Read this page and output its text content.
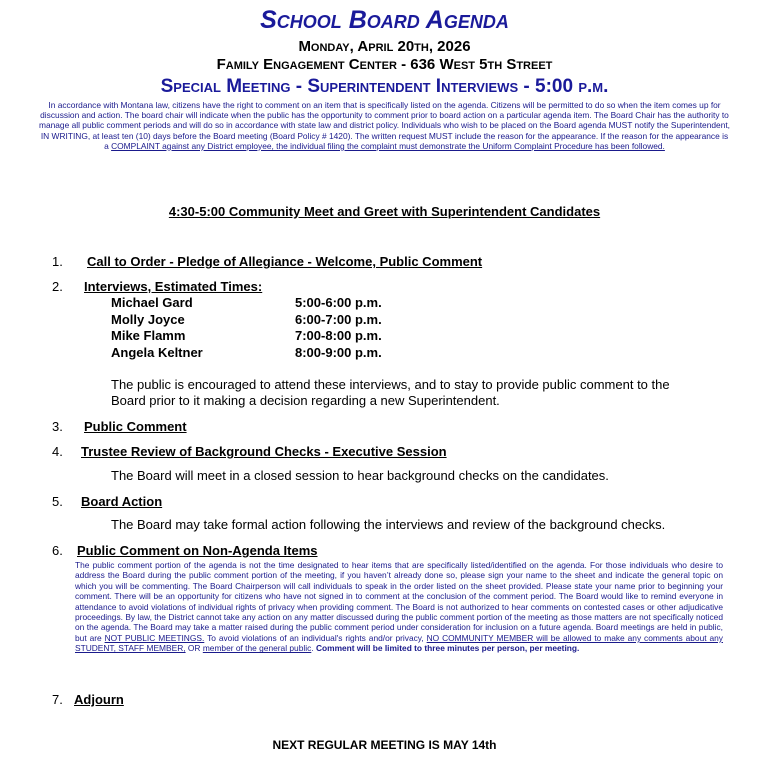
School Board Agenda
Monday, April 20th, 2026
Family Engagement Center - 636 West 5th Street
Special Meeting - Superintendent Interviews - 5:00 p.m.
In accordance with Montana law, citizens have the right to comment on an item that is specifically listed on the agenda. Citizens will be permitted to do so when the item comes up for discussion and action. The board chair will indicate when the public has the opportunity to comment prior to board action on a particular agenda item. The Board Chair has the authority to manage all public comment periods and will do so in accordance with state law and district policy. Individuals who wish to be placed on the Board agenda MUST notify the Superintendent, IN WRITING, at least ten (10) days before the Board meeting (Board Policy # 1420). The written request MUST include the reason for the appearance. If the reason for the appearance is a COMPLAINT against any District employee, the individual filing the complaint must demonstrate the Uniform Complaint Procedure has been followed.
4:30-5:00 Community Meet and Greet with Superintendent Candidates
1. Call to Order - Pledge of Allegiance - Welcome, Public Comment
2. Interviews, Estimated Times:
Michael Gard	5:00-6:00 p.m.
Molly Joyce	6:00-7:00 p.m.
Mike Flamm	7:00-8:00 p.m.
Angela Keltner	8:00-9:00 p.m.
The public is encouraged to attend these interviews, and to stay to provide public comment to the Board prior to it making a decision regarding a new Superintendent.
3. Public Comment
4. Trustee Review of Background Checks - Executive Session
The Board will meet in a closed session to hear background checks on the candidates.
5. Board Action
The Board may take formal action following the interviews and review of the background checks.
6. Public Comment on Non-Agenda Items
The public comment portion of the agenda is not the time designated to hear items that are specifically listed/identified on the agenda. For those individuals who desire to address the Board during the public comment portion of the meeting, if you haven’t already done so, please sign your name to the sheet and indicate the general topic on which you will be commenting. The Board Chairperson will call individuals to speak in the order listed on the sheet provided. Please state your name prior to beginning your comment. There will be an opportunity for citizens who have not signed in to comment at the conclusion of the comment period. The Board would like to remind everyone in attendance to avoid violations of individual rights of privacy when providing comment. The Board is not authorized to hear comments on contested cases or other adjudicative proceedings. By law, the District cannot take any action on any matter discussed during the public comment portion of the meeting as those matters are not specifically noticed on the agenda. The Board may take a matter raised during the public comment period under consideration for inclusion on a future agenda. Board meetings are held in public, but are NOT PUBLIC MEETINGS. To avoid violations of an individual's rights and/or privacy, NO COMMUNITY MEMBER will be allowed to make any comments about any STUDENT, STAFF MEMBER, OR member of the general public. Comment will be limited to three minutes per person, per meeting.
7. Adjourn
NEXT REGULAR MEETING IS MAY 14th
